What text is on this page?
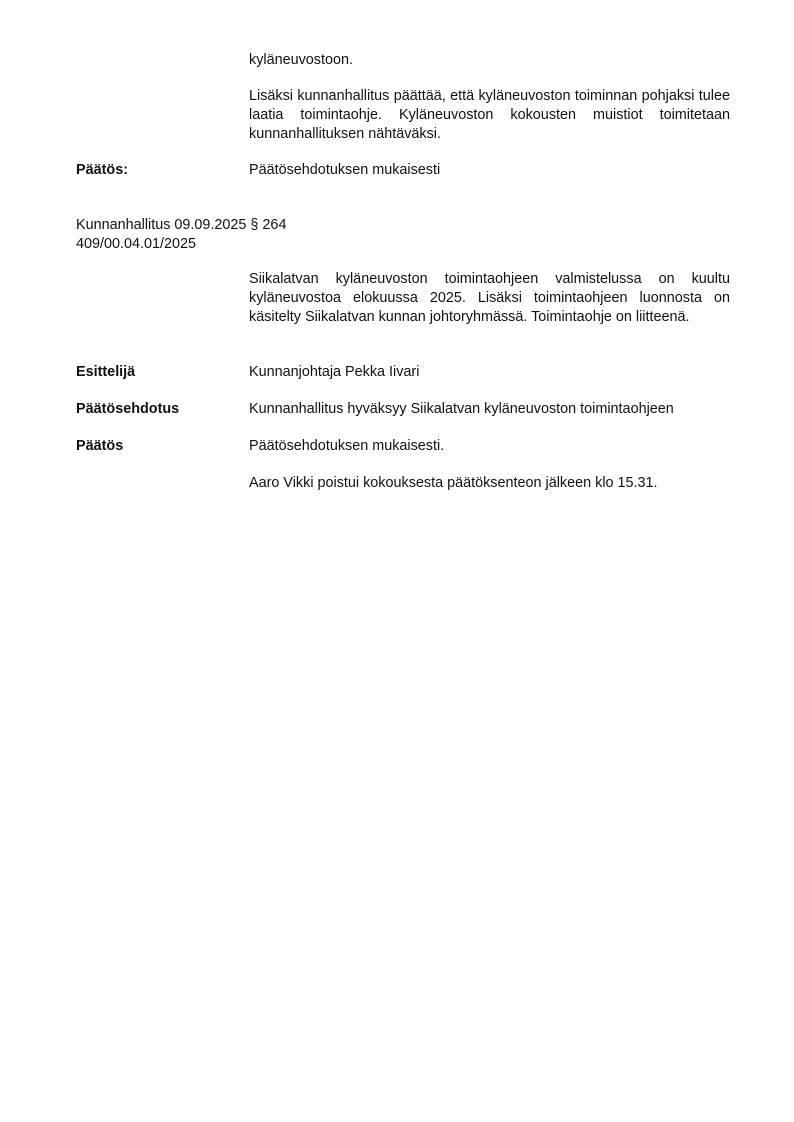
kyläneuvostoon.

Lisäksi kunnanhallitus päättää, että kyläneuvoston toiminnan pohjaksi tulee laatia toimintaohje. Kyläneuvoston kokousten muistiot toimitetaan kunnanhallituksen nähtäväksi.

Päätös:	Päätösehdotuksen mukaisesti

Kunnanhallitus 09.09.2025 § 264

409/00.04.01/2025

Siikalatvan kyläneuvoston toimintaohjeen valmistelussa on kuultu kyläneuvostoa elokuussa 2025. Lisäksi toimintaohjeen luonnosta on käsitelty Siikalatvan kunnan johtoryhmässä. Toimintaohje on liitteenä.

Esittelijä	Kunnanjohtaja Pekka Iivari

Päätösehdotus	Kunnanhallitus hyväksyy Siikalatvan kyläneuvoston toimintaohjeen

Päätös	Päätösehdotuksen mukaisesti.

Aaro Vikki poistui kokouksesta päätöksenteon jälkeen klo 15.31.
